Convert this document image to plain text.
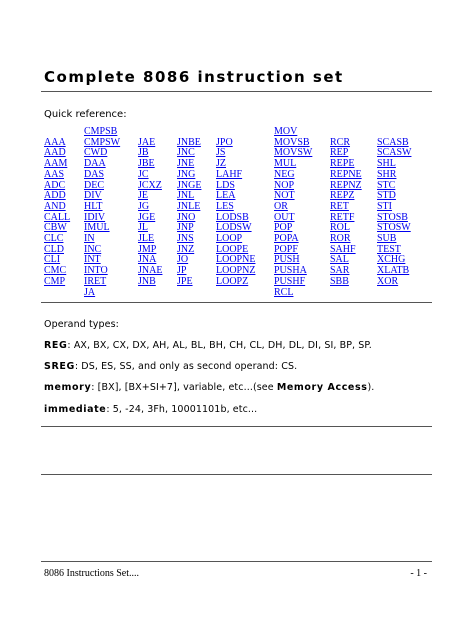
Complete 8086 instruction set
Quick reference:
AAA
AAD
AAM
AAS
ADC
ADD
AND
CALL
CBW
CLC
CLD
CLI
CMC
CMP
CMPSB
CMPSW
CWD
DAA
DAS
DEC
DIV
HLT
IDIV
IMUL
IN
INC
INT
INTO
IRET
JA
JAE
JB
JBE
JC
JCXZ
JE
JG
JGE
JL
JLE
JMP
JNA
JNAE
JNB
JNBE
JNC
JNE
JNG
JNGE
JNL
JNLE
JNO
JNP
JNS
JNZ
JO
JP
JPE
JPO
JS
JZ
LAHF
LDS
LEA
LES
LODSB
LODSW
LOOP
LOOPE
LOOPNE
LOOPNZ
LOOPZ
MOV
MOVSB
MOVSW
MUL
NEG
NOP
NOT
OR
OUT
POP
POPA
POPF
PUSH
PUSHA
PUSHF
RCL
RCR
REP
REPE
REPNE
REPNZ
REPZ
RET
RETF
ROL
ROR
SAHF
SAL
SAR
SBB
SCASB
SCASW
SHL
SHR
STC
STD
STI
STOSB
STOSW
SUB
TEST
XCHG
XLATB
XOR
Operand types:
REG: AX, BX, CX, DX, AH, AL, BL, BH, CH, CL, DH, DL, DI, SI, BP, SP.
SREG: DS, ES, SS, and only as second operand: CS.
memory: [BX], [BX+SI+7], variable, etc...(see Memory Access).
immediate: 5, -24, 3Fh, 10001101b, etc...
8086 Instructions Set....	- 1 -
